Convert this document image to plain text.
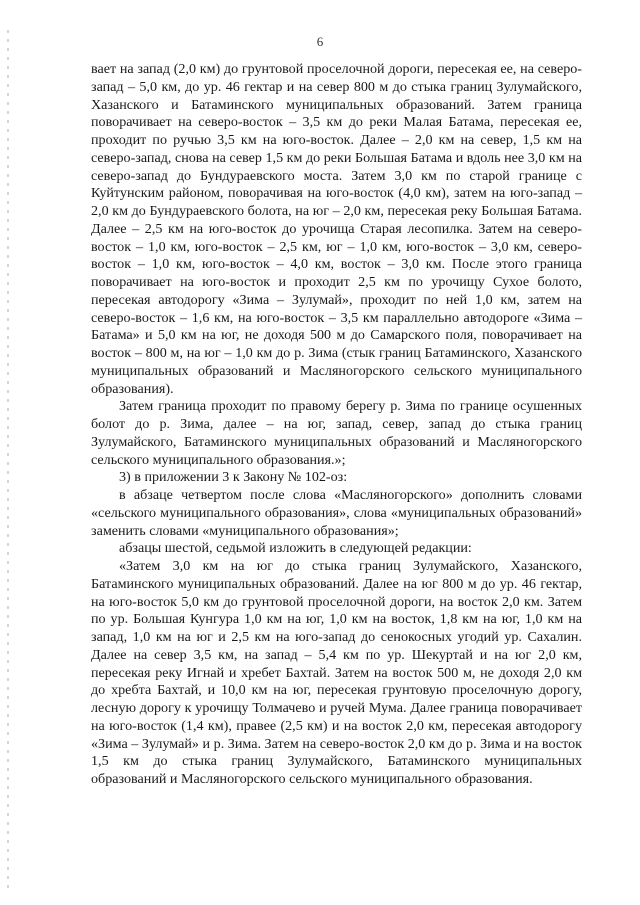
6

вает на запад (2,0 км) до грунтовой проселочной дороги, пересекая ее, на северо-запад – 5,0 км, до ур. 46 гектар и на север 800 м до стыка границ Зулумайского, Хазанского и Батаминского муниципальных образований. Затем граница поворачивает на северо-восток – 3,5 км до реки Малая Батама, пересекая ее, проходит по ручью 3,5 км на юго-восток. Далее – 2,0 км на север, 1,5 км на северо-запад, снова на север 1,5 км до реки Большая Батама и вдоль нее 3,0 км на северо-запад до Бундураевского моста. Затем 3,0 км по старой границе с Куйтунским районом, поворачивая на юго-восток (4,0 км), затем на юго-запад – 2,0 км до Бундураевского болота, на юг – 2,0 км, пересекая реку Большая Батама. Далее – 2,5 км на юго-восток до урочища Старая лесопилка. Затем на северо-восток – 1,0 км, юго-восток – 2,5 км, юг – 1,0 км, юго-восток – 3,0 км, северо-восток – 1,0 км, юго-восток – 4,0 км, восток – 3,0 км. После этого граница поворачивает на юго-восток и проходит 2,5 км по урочищу Сухое болото, пересекая автодорогу «Зима – Зулумай», проходит по ней 1,0 км, затем на северо-восток – 1,6 км, на юго-восток – 3,5 км параллельно автодороге «Зима – Батама» и 5,0 км на юг, не доходя 500 м до Самарского поля, поворачивает на восток – 800 м, на юг – 1,0 км до р. Зима (стык границ Батаминского, Хазанского муниципальных образований и Масляногорского сельского муниципального образования).

Затем граница проходит по правому берегу р. Зима по границе осушенных болот до р. Зима, далее – на юг, запад, север, запад до стыка границ Зулумайского, Батаминского муниципальных образований и Масляногорского сельского муниципального образования.»;

3) в приложении 3 к Закону № 102-оз:

в абзаце четвертом после слова «Масляногорского» дополнить словами «сельского муниципального образования», слова «муниципальных образований» заменить словами «муниципального образования»;

абзацы шестой, седьмой изложить в следующей редакции:

«Затем 3,0 км на юг до стыка границ Зулумайского, Хазанского, Батаминского муниципальных образований. Далее на юг 800 м до ур. 46 гектар, на юго-восток 5,0 км до грунтовой проселочной дороги, на восток 2,0 км. Затем по ур. Большая Кунгура 1,0 км на юг, 1,0 км на восток, 1,8 км на юг, 1,0 км на запад, 1,0 км на юг и 2,5 км на юго-запад до сенокосных угодий ур. Сахалин. Далее на север 3,5 км, на запад – 5,4 км по ур. Шекуртай и на юг 2,0 км, пересекая реку Игнай и хребет Бахтай. Затем на восток 500 м, не доходя 2,0 км до хребта Бахтай, и 10,0 км на юг, пересекая грунтовую проселочную дорогу, лесную дорогу к урочищу Толмачево и ручей Мума. Далее граница поворачивает на юго-восток (1,4 км), правее (2,5 км) и на восток 2,0 км, пересекая автодорогу «Зима – Зулумай» и р. Зима. Затем на северо-восток 2,0 км до р. Зима и на восток 1,5 км до стыка границ Зулумайского, Батаминского муниципальных образований и Масляногорского сельского муниципального образования.
